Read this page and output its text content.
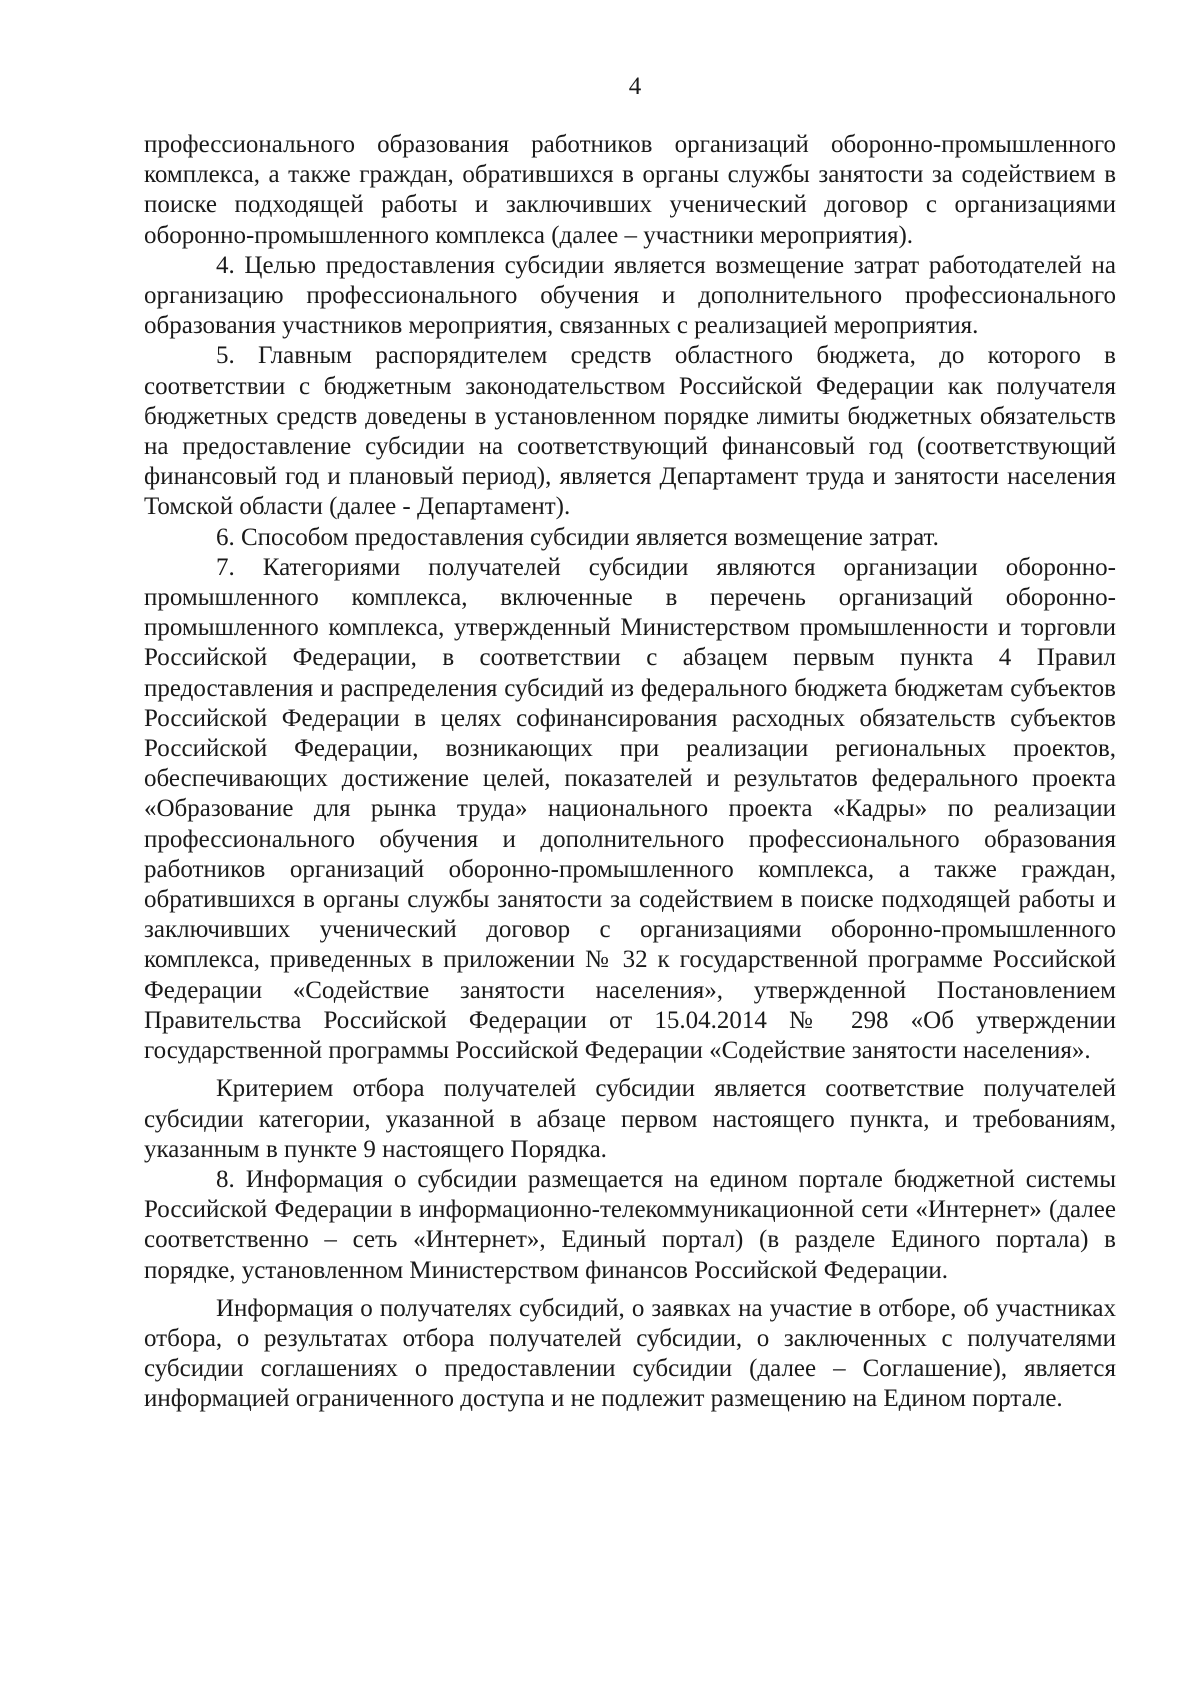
4

профессионального образования работников организаций оборонно-промышленного комплекса, а также граждан, обратившихся в органы службы занятости за содействием в поиске подходящей работы и заключивших ученический договор с организациями оборонно-промышленного комплекса (далее – участники мероприятия).

4. Целью предоставления субсидии является возмещение затрат работодателей на организацию профессионального обучения и дополнительного профессионального образования участников мероприятия, связанных с реализацией мероприятия.

5. Главным распорядителем средств областного бюджета, до которого в соответствии с бюджетным законодательством Российской Федерации как получателя бюджетных средств доведены в установленном порядке лимиты бюджетных обязательств на предоставление субсидии на соответствующий финансовый год (соответствующий финансовый год и плановый период), является Департамент труда и занятости населения Томской области (далее - Департамент).

6. Способом предоставления субсидии является возмещение затрат.

7. Категориями получателей субсидии являются организации оборонно-промышленного комплекса, включенные в перечень организаций оборонно-промышленного комплекса, утвержденный Министерством промышленности и торговли Российской Федерации, в соответствии с абзацем первым пункта 4 Правил предоставления и распределения субсидий из федерального бюджета бюджетам субъектов Российской Федерации в целях софинансирования расходных обязательств субъектов Российской Федерации, возникающих при реализации региональных проектов, обеспечивающих достижение целей, показателей и результатов федерального проекта «Образование для рынка труда» национального проекта «Кадры» по реализации профессионального обучения и дополнительного профессионального образования работников организаций оборонно-промышленного комплекса, а также граждан, обратившихся в органы службы занятости за содействием в поиске подходящей работы и заключивших ученический договор с организациями оборонно-промышленного комплекса, приведенных в приложении № 32 к государственной программе Российской Федерации «Содействие занятости населения», утвержденной Постановлением Правительства Российской Федерации от 15.04.2014 № 298 «Об утверждении государственной программы Российской Федерации «Содействие занятости населения».

Критерием отбора получателей субсидии является соответствие получателей субсидии категории, указанной в абзаце первом настоящего пункта, и требованиям, указанным в пункте 9 настоящего Порядка.

8. Информация о субсидии размещается на едином портале бюджетной системы Российской Федерации в информационно-телекоммуникационной сети «Интернет» (далее соответственно – сеть «Интернет», Единый портал) (в разделе Единого портала) в порядке, установленном Министерством финансов Российской Федерации.

Информация о получателях субсидий, о заявках на участие в отборе, об участниках отбора, о результатах отбора получателей субсидии, о заключенных с получателями субсидии соглашениях о предоставлении субсидии (далее – Соглашение), является информацией ограниченного доступа и не подлежит размещению на Едином портале.
